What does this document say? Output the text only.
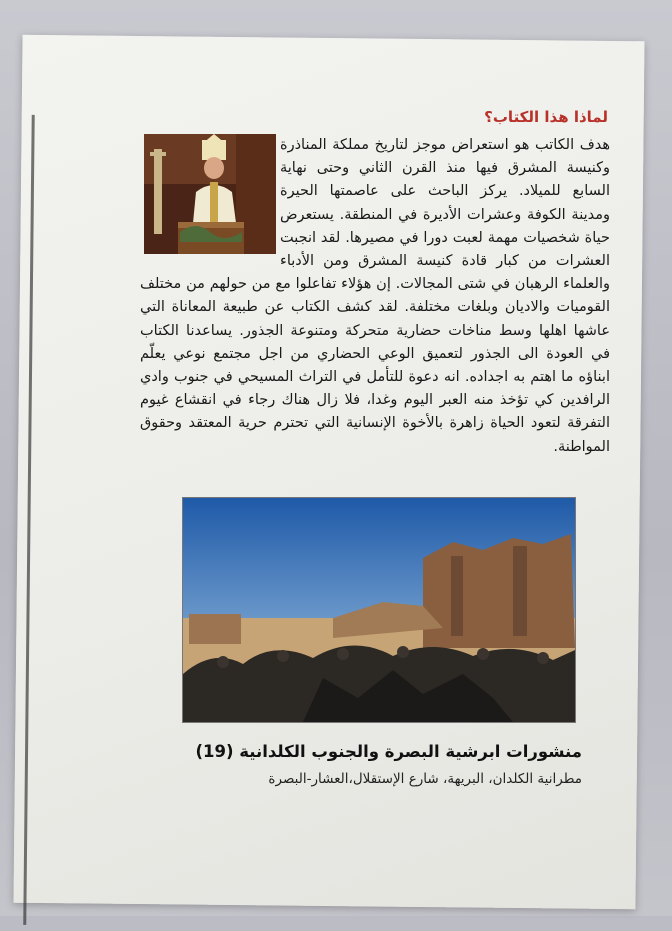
لماذا هذا الكتاب؟

هدف الكاتب هو استعراض موجز لتاريخ مملكة المناذرة وكنيسة المشرق فيها منذ القرن الثاني وحتى نهاية السابع للميلاد. يركز الباحث على عاصمتها الحيرة ومدينة الكوفة وعشرات الأديرة في المنطقة. يستعرض حياة شخصيات مهمة لعبت دورا في مصيرها. لقد انجبت العشرات من كبار قادة كنيسة المشرق ومن الأدباء والعلماء الرهبان في شتى المجالات. إن هؤلاء تفاعلوا مع من حولهم من مختلف القوميات والاديان وبلغات مختلفة. لقد كشف الكتاب عن طبيعة المعاناة التي عاشها اهلها وسط مناخات حضارية متحركة ومتنوعة الجذور. يساعدنا الكتاب في العودة الى الجذور لتعميق الوعي الحضاري من اجل مجتمع نوعي يعلّم ابناؤه ما اهتم به اجداده. انه دعوة للتأمل في التراث المسيحي في جنوب وادي الرافدين كي تؤخذ منه العبر اليوم وغدا، فلا زال هناك رجاء في انقشاع غيوم التفرقة لتعود الحياة زاهرة بالأخوة الإنسانية التي تحترم حرية المعتقد وحقوق المواطنة.

منشورات ابرشية البصرة والجنوب الكلدانية (19)

مطرانية الكلدان، البريهة، شارع الإستقلال،العشار-البصرة
